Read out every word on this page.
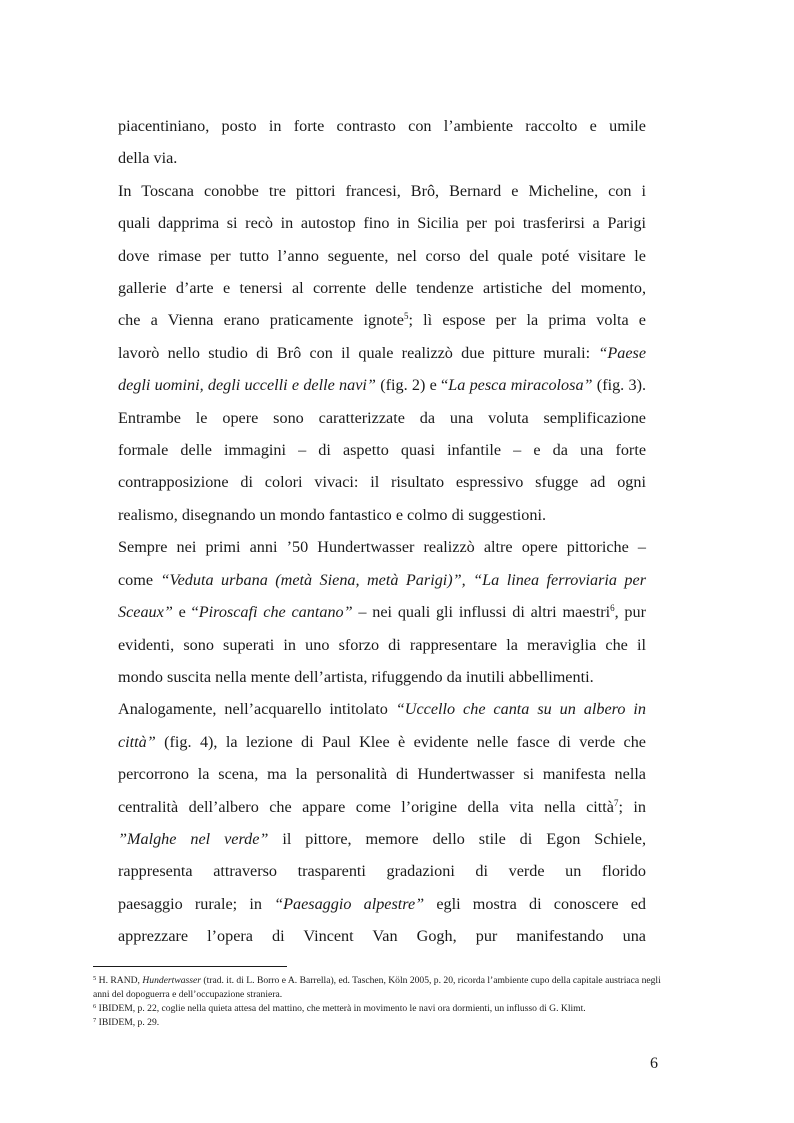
piacentiniano, posto in forte contrasto con l’ambiente raccolto e umile
della via.
In Toscana conobbe tre pittori francesi, Brô, Bernard e Micheline, con i
quali dapprima si recò in autostop fino in Sicilia per poi trasferirsi a Parigi
dove rimase per tutto l’anno seguente, nel corso del quale poté visitare le
gallerie d’arte e tenersi al corrente delle tendenze artistiche del momento,
che a Vienna erano praticamente ignote$^5$; lì espose per la prima volta e
lavorò nello studio di Brô con il quale realizzò due pitture murali: “Paese
degli uomini, degli uccelli e delle navi” (fig. 2) e “La pesca miracolosa” (fig. 3).
Entrambe le opere sono caratterizzate da una voluta semplificazione
formale delle immagini – di aspetto quasi infantile – e da una forte
contrapposizione di colori vivaci: il risultato espressivo sfugge ad ogni
realismo, disegnando un mondo fantastico e colmo di suggestioni.
Sempre nei primi anni ’50 Hundertwasser realizzò altre opere pittoriche –
come “Veduta urbana (metà Siena, metà Parigi)”, “La linea ferroviaria per
Sceaux” e “Piroscafi che cantano” – nei quali gli influssi di altri maestri$^6$, pur
evidenti, sono superati in uno sforzo di rappresentare la meraviglia che il
mondo suscita nella mente dell’artista, rifuggendo da inutili abbellimenti.
Analogamente, nell’acquarello intitolato “Uccello che canta su un albero in
città” (fig. 4), la lezione di Paul Klee è evidente nelle fasce di verde che
percorrono la scena, ma la personalità di Hundertwasser si manifesta nella
centralità dell’albero che appare come l’origine della vita nella città$^7$; in
”Malghe nel verde” il pittore, memore dello stile di Egon Schiele,
rappresenta attraverso trasparenti gradazioni di verde un florido
paesaggio rurale; in “Paesaggio alpestre” egli mostra di conoscere ed
apprezzare l’opera di Vincent Van Gogh, pur manifestando una
$^5$ H. RAND, Hundertwasser (trad. it. di L. Borro e A. Barrella), ed. Taschen, Köln 2005, p. 20, ricorda l’ambiente cupo della capitale austriaca negli anni del dopoguerra e dell’occupazione straniera.
$^6$ IBIDEM, p. 22, coglie nella quieta attesa del mattino, che metterà in movimento le navi ora dormienti, un influsso di G. Klimt.
$^7$ IBIDEM, p. 29.
6
